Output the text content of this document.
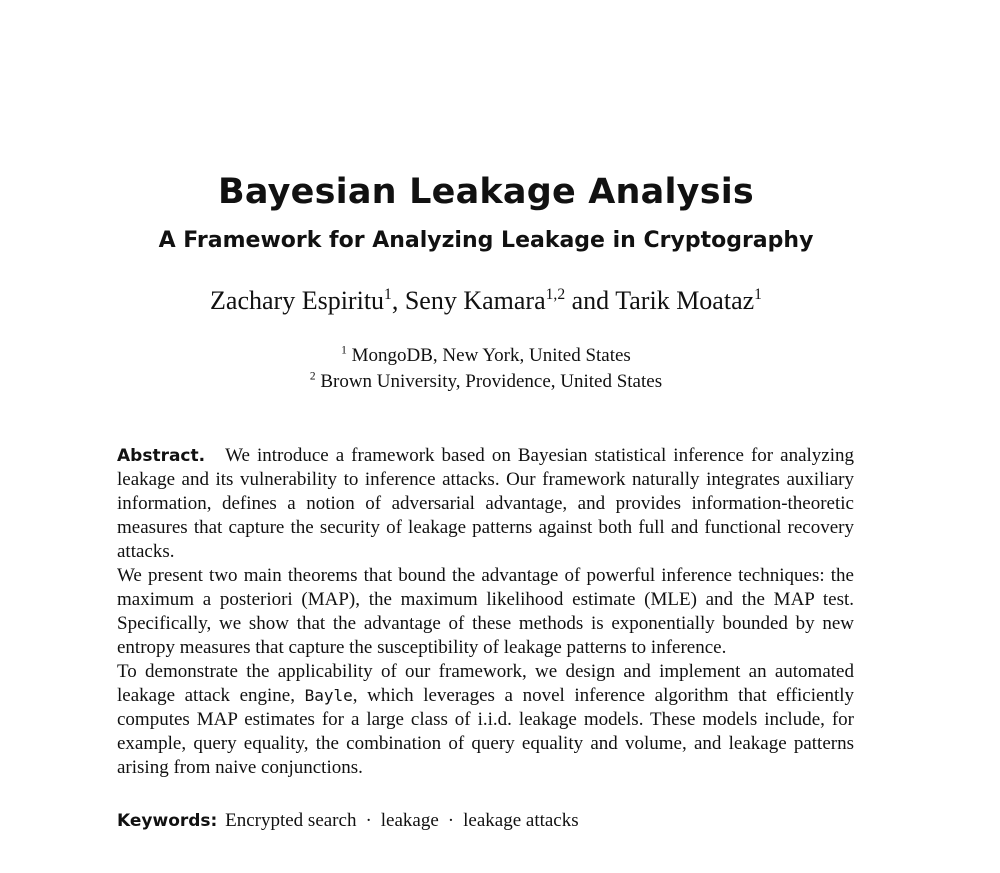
Bayesian Leakage Analysis
A Framework for Analyzing Leakage in Cryptography
Zachary Espiritu$^1$, Seny Kamara$^{1,2}$ and Tarik Moataz$^1$
$^1$ MongoDB, New York, United States
$^2$ Brown University, Providence, United States

Abstract. We introduce a framework based on Bayesian statistical inference for analyzing leakage and its vulnerability to inference attacks. Our framework naturally integrates auxiliary information, defines a notion of adversarial advantage, and provides information-theoretic measures that capture the security of leakage patterns against both full and functional recovery attacks.

We present two main theorems that bound the advantage of powerful inference techniques: the maximum a posteriori (MAP), the maximum likelihood estimate (MLE) and the MAP test. Specifically, we show that the advantage of these methods is exponentially bounded by new entropy measures that capture the susceptibility of leakage patterns to inference.

To demonstrate the applicability of our framework, we design and implement an automated leakage attack engine, Bayle, which leverages a novel inference algorithm that efficiently computes MAP estimates for a large class of i.i.d. leakage models. These models include, for example, query equality, the combination of query equality and volume, and leakage patterns arising from naive conjunctions.

Keywords: Encrypted search · leakage · leakage attacks
